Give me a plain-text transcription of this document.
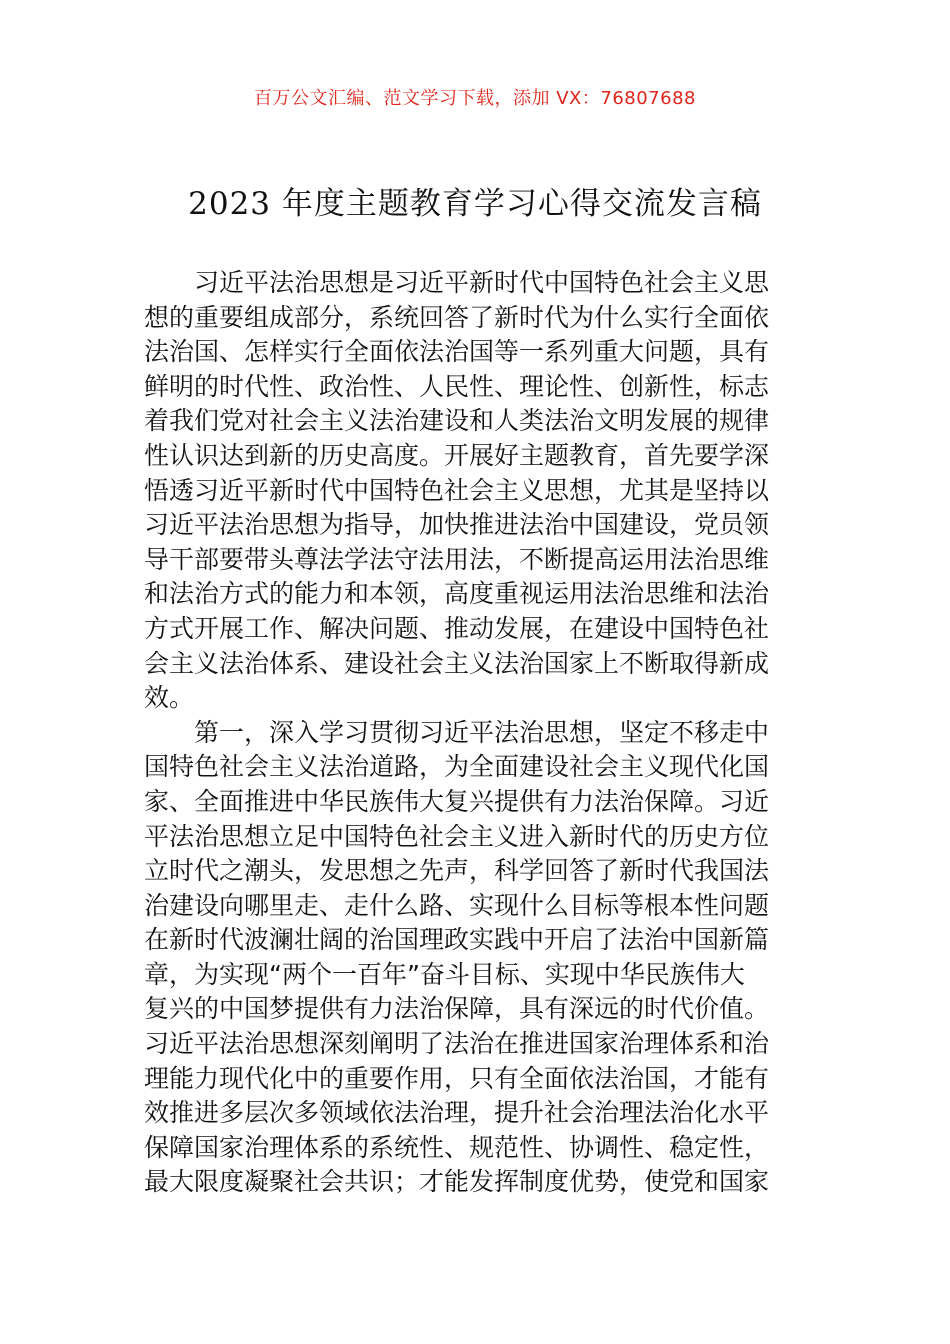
百万公文汇编、范文学习下载，添加 VX：76807688
2023 年度主题教育学习心得交流发言稿
习近平法治思想是习近平新时代中国特色社会主义思
想的重要组成部分，系统回答了新时代为什么实行全面依
法治国、怎样实行全面依法治国等一系列重大问题，具有
鲜明的时代性、政治性、人民性、理论性、创新性，标志
着我们党对社会主义法治建设和人类法治文明发展的规律
性认识达到新的历史高度。开展好主题教育，首先要学深
悟透习近平新时代中国特色社会主义思想，尤其是坚持以
习近平法治思想为指导，加快推进法治中国建设，党员领
导干部要带头尊法学法守法用法，不断提高运用法治思维
和法治方式的能力和本领，高度重视运用法治思维和法治
方式开展工作、解决问题、推动发展，在建设中国特色社
会主义法治体系、建设社会主义法治国家上不断取得新成
效。
第一，深入学习贯彻习近平法治思想，坚定不移走中
国特色社会主义法治道路，为全面建设社会主义现代化国
家、全面推进中华民族伟大复兴提供有力法治保障。习近
平法治思想立足中国特色社会主义进入新时代的历史方位
立时代之潮头，发思想之先声，科学回答了新时代我国法
治建设向哪里走、走什么路、实现什么目标等根本性问题
在新时代波澜壮阔的治国理政实践中开启了法治中国新篇
章，为实现“两个一百年”奋斗目标、实现中华民族伟大
复兴的中国梦提供有力法治保障，具有深远的时代价值。
习近平法治思想深刻阐明了法治在推进国家治理体系和治
理能力现代化中的重要作用，只有全面依法治国，才能有
效推进多层次多领域依法治理，提升社会治理法治化水平
保障国家治理体系的系统性、规范性、协调性、稳定性，
最大限度凝聚社会共识；才能发挥制度优势，使党和国家
